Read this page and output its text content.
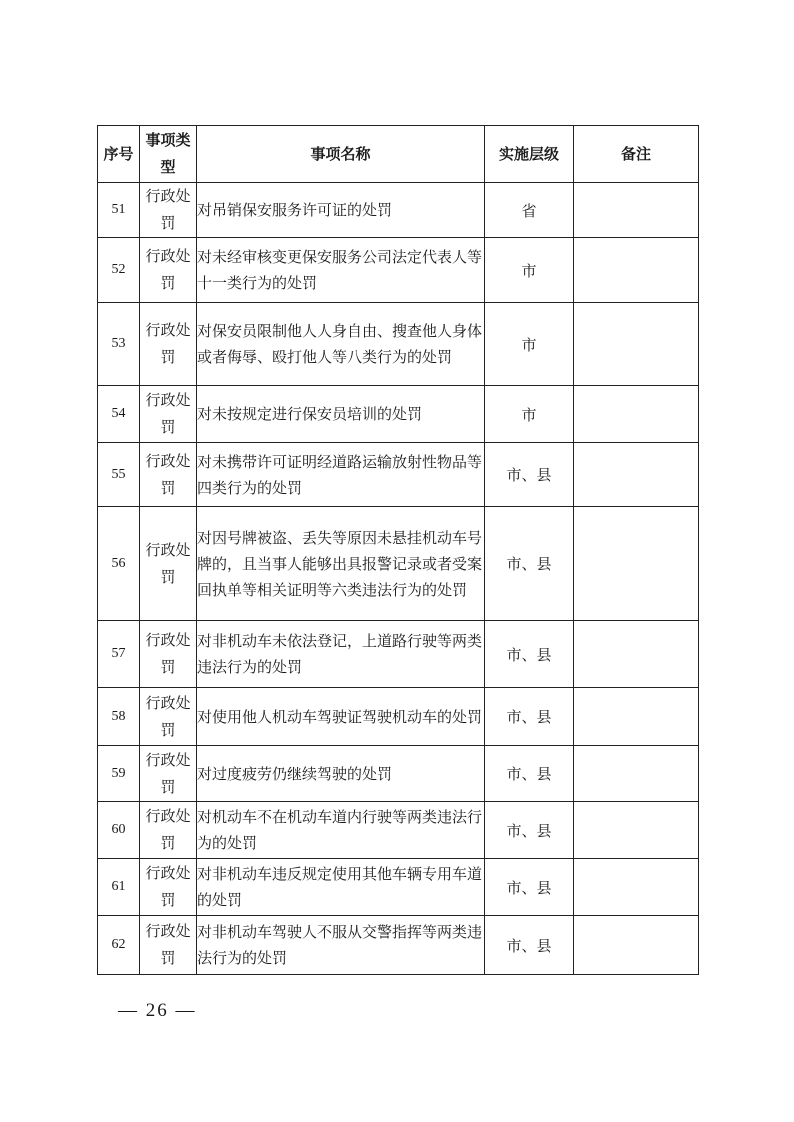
序号	事项类型	事项名称	实施层级	备注
51	行政处罚	对吊销保安服务许可证的处罚	省	
52	行政处罚	对未经审核变更保安服务公司法定代表人等十一类行为的处罚	市	
53	行政处罚	对保安员限制他人人身自由、搜查他人身体或者侮辱、殴打他人等八类行为的处罚	市	
54	行政处罚	对未按规定进行保安员培训的处罚	市	
55	行政处罚	对未携带许可证明经道路运输放射性物品等四类行为的处罚	市、县	
56	行政处罚	对因号牌被盗、丢失等原因未悬挂机动车号牌的，且当事人能够出具报警记录或者受案回执单等相关证明等六类违法行为的处罚	市、县	
57	行政处罚	对非机动车未依法登记，上道路行驶等两类违法行为的处罚	市、县	
58	行政处罚	对使用他人机动车驾驶证驾驶机动车的处罚	市、县	
59	行政处罚	对过度疲劳仍继续驾驶的处罚	市、县	
60	行政处罚	对机动车不在机动车道内行驶等两类违法行为的处罚	市、县	
61	行政处罚	对非机动车违反规定使用其他车辆专用车道的处罚	市、县	
62	行政处罚	对非机动车驾驶人不服从交警指挥等两类违法行为的处罚	市、县	
— 26 —
